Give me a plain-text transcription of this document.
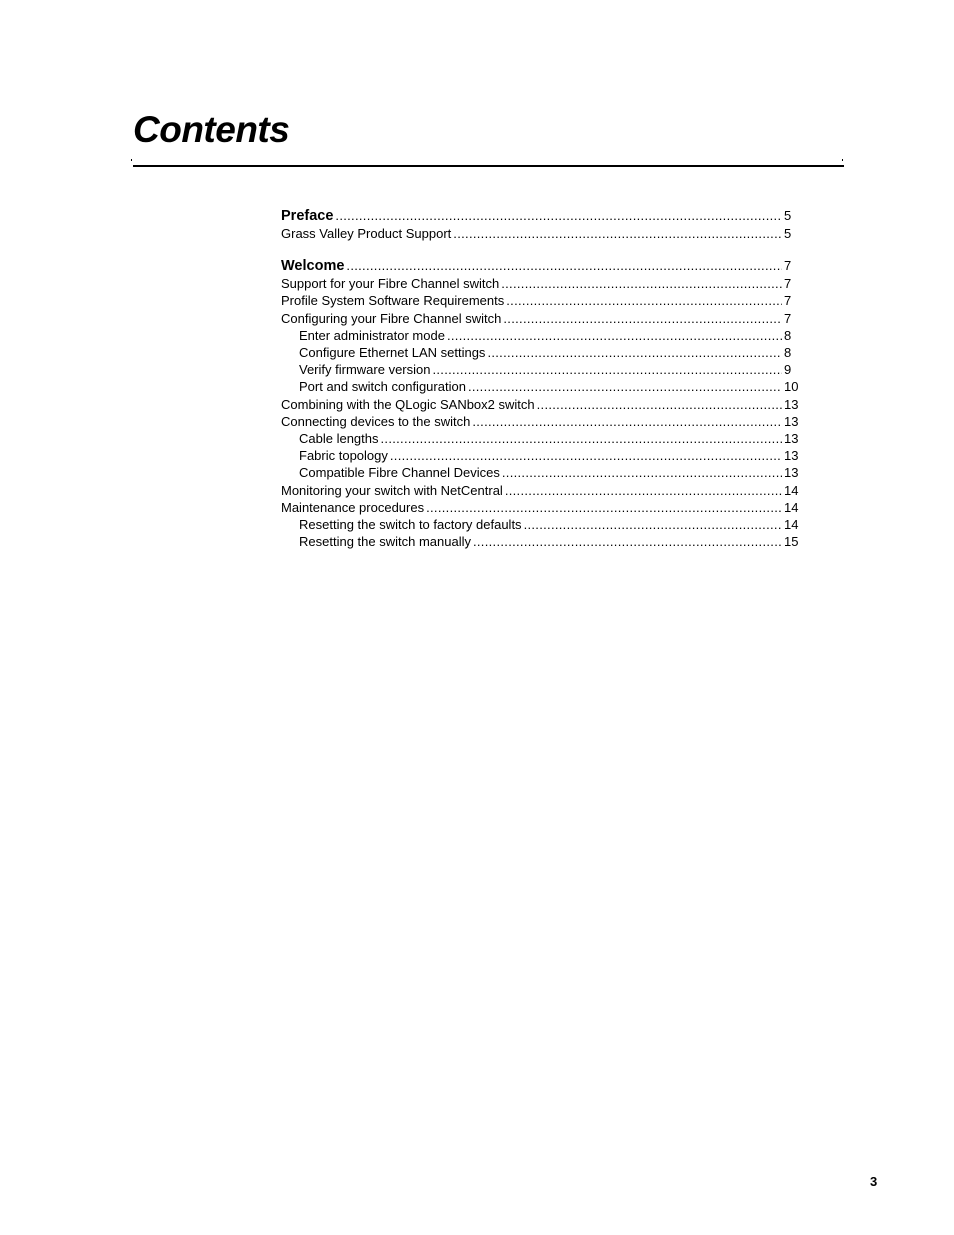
Contents
Preface .....	5
Grass Valley Product Support .....	5
Welcome .....	7
Support for your Fibre Channel switch .....	7
Profile System Software Requirements .....	7
Configuring your Fibre Channel switch .....	7
Enter administrator mode .....	8
Configure Ethernet LAN settings .....	8
Verify firmware version .....	9
Port and switch configuration .....	10
Combining with the QLogic SANbox2 switch .....	13
Connecting devices to the switch .....	13
Cable lengths .....	13
Fabric topology .....	13
Compatible Fibre Channel Devices .....	13
Monitoring your switch with NetCentral .....	14
Maintenance procedures .....	14
Resetting the switch to factory defaults .....	14
Resetting the switch manually .....	15
3
